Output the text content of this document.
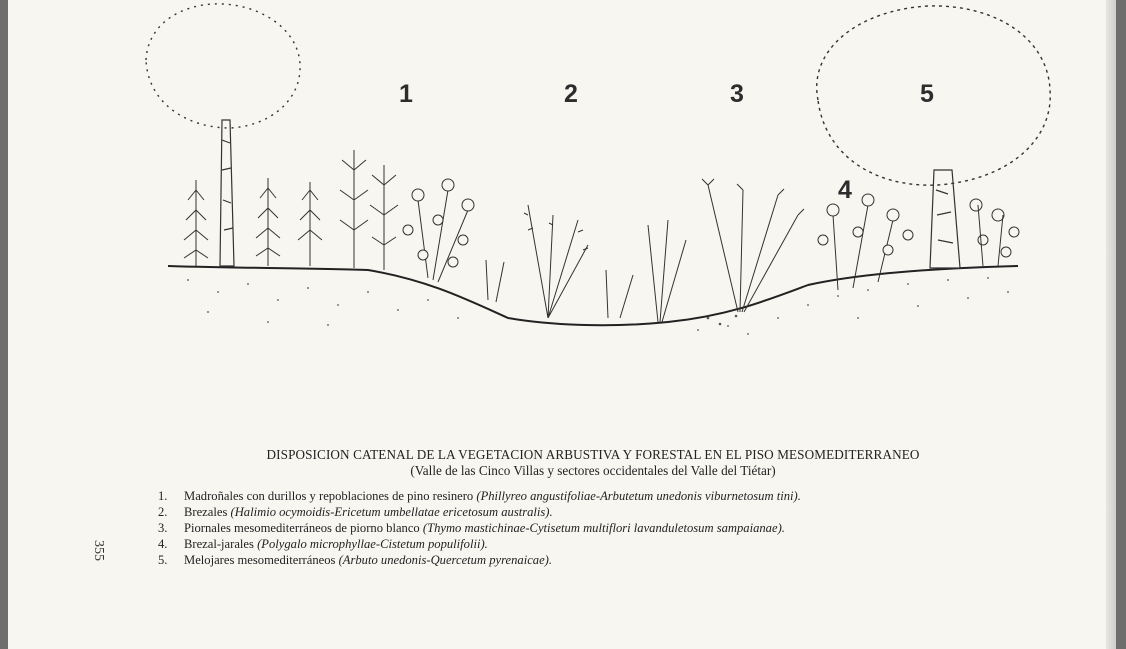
1	2	3
4
5
DISPOSICION CATENAL DE LA VEGETACION ARBUSTIVA Y FORESTAL EN EL PISO MESOMEDITERRANEO
(Valle de las Cinco Villas y sectores occidentales del Valle del Tiétar)
1. Madroñales con durillos y repoblaciones de pino resinero (Phillyreo angustifoliae-Arbutetum unedonis viburnetosum tini).
2. Brezales (Halimio ocymoidis-Ericetum umbellatae ericetosum australis).
3. Piornales mesomediterráneos de piorno blanco (Thymo mastichinae-Cytisetum multiflori lavanduletosum sampaianae).
4. Brezal-jarales (Polygalo microphyllae-Cistetum populifolii).
5. Melojares mesomediterráneos (Arbuto unedonis-Quercetum pyrenaicae).
355
